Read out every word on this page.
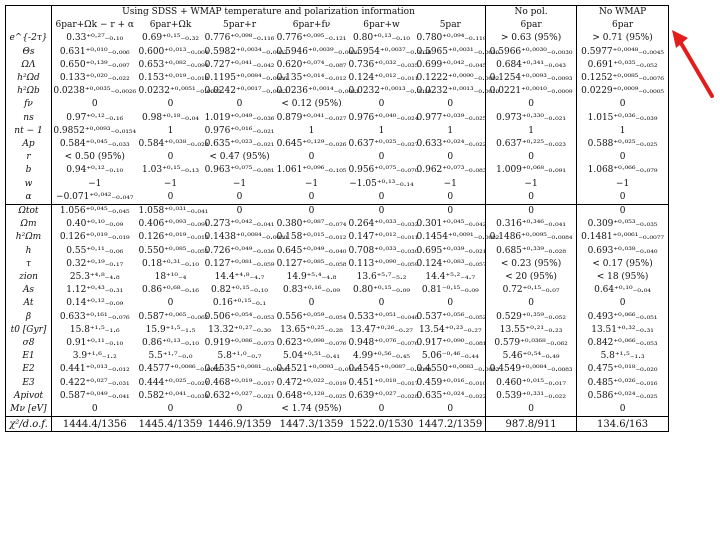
	Using SDSS + WMAP temperature and polarization information						No pol.	No WMAP
	6par+Ωk − r + α	6par+Ωk	5par+r	6par+fν	6par+w	5par	6par	6par
e^{-2τ}	0.33⁺⁰·²⁷₋₀.₁₀	0.69⁺⁰·¹⁵₋₀.₃₂	0.776⁺⁰·⁰⁹⁸₋₀.₁₁₆	0.776⁺⁰·⁰⁹⁵₋₀.₁₂₁	0.80⁺⁰·¹³₋₀.₁₀	0.780⁺⁰·⁰⁹⁴₋₀.₁₁₉	> 0.63 (95%)	> 0.71 (95%)
Θs	0.631⁺⁰·⁰¹⁰₋₀.₀₀₆	0.600⁺⁰·⁰¹³₋₀.₀₀₄	0.5982⁺⁰·⁰⁰³⁴₋₀.₀₀₃₂	0.5946⁺⁰·⁰⁰³⁹₋₀.₀₀₃₀	0.5954⁺⁰·⁰⁰³⁷₋₀.₀₀₃₈	0.5965⁺⁰·⁰⁰³¹₋₀.₀₀₃₀	0.5966⁺⁰·⁰⁰³⁰₋₀.₀₀₃₀	0.5977⁺⁰·⁰⁰⁴⁸₋₀.₀₀₄₅
ΩΛ	0.650⁺⁰·¹³⁹₋₀.₀₉₇	0.653⁺⁰·⁰⁸²₋₀.₀₉₄	0.727⁺⁰·⁰⁴¹₋₀.₀₄₂	0.620⁺⁰·⁰⁷⁴₋₀.₀₈₇	0.736⁺⁰·⁰³²₋₀.₀₃₅	0.699⁺⁰·⁰⁴²₋₀.₀₄₅	0.684⁺⁰·³⁴¹₋₀.₀₄₃	0.691⁺⁰·⁰³⁵₋₀.₀₅₂
h²Ωd	0.133⁺⁰·⁰²⁰₋₀.₀₂₂	0.153⁺⁰·⁰¹⁹₋₀.₀₁₈	0.1195⁺⁰·⁰⁰⁸⁴₋₀.₀₀₈₆	0.135⁺⁰·⁰¹⁴₋₀.₀₁₂	0.124⁺⁰·⁰¹²₋₀.₀₁₁	0.1222⁺⁰·⁰⁰⁹⁰₋₀.₀₀₈₂	0.1254⁺⁰·⁰⁰⁹³₋₀.₀₀₉₃	0.1252⁺⁰·⁰⁰⁸⁵₋₀.₀₀₇₆
h²Ωb	0.0238⁺⁰·⁰⁰³⁵₋₀.₀₀₂₆	0.0232⁺⁰·⁰⁰⁵¹₋₀.₀₀₂₂	0.0242⁺⁰·⁰⁰¹⁷₋₀.₀₀₁₃	0.0236⁺⁰·⁰⁰¹⁴₋₀.₀₀₁₁	0.0232⁺⁰·⁰⁰¹³₋₀.₀₀₁₀	0.0232⁺⁰·⁰⁰¹³₋₀.₀₀₁₀	0.0221⁺⁰·⁰⁰¹⁰₋₀.₀₀₀₉	0.0229⁺⁰·⁰⁰⁰⁹₋₀.₀₀₀₅
fν	0	0	0	< 0.12 (95%)	0	0	0	0
ns	0.97⁺⁰·¹²₋₀.₁₆	0.98⁺⁰·¹⁸₋₀.₀₄	1.019⁺⁰·⁰⁴⁹₋₀.₀₃₆	0.879⁺⁰·⁰⁴¹₋₀.₀₂₇	0.976⁺⁰·⁰⁴⁰₋₀.₀₂₄	0.977⁺⁰·⁰³⁹₋₀.₀₂₅	0.973⁺⁰·³³⁰₋₀.₀₂₁	1.015⁺⁰·⁰³⁶₋₀.₀₃₉
nt − 1	0.9852⁺⁰·⁰⁰⁹³₋₀.₀₁₅₄	1	0.976⁺⁰·⁰¹⁶₋₀.₀₂₁	1	1	1	1	1
Ap	0.584⁺⁰·⁰⁴⁵₋₀.₀₃₃	0.584⁺⁰·⁰³⁸₋₀.₀₂₈	0.635⁺⁰·⁰²³₋₀.₀₂₁	0.645⁺⁰·¹²⁹₋₀.₀₂₆	0.637⁺⁰·⁰²⁵₋₀.₀₂₇	0.633⁺⁰·⁰²⁴₋₀.₀₂₂	0.637⁺⁰·²²⁵₋₀.₀₂₃	0.588⁺⁰·⁰²⁵₋₀.₀₂₅
r	< 0.50 (95%)	0	< 0.47 (95%)	0	0	0	0	0
b	0.94⁺⁰·¹²₋₀.₁₀	1.03⁺⁰·¹⁵₋₀.₁₃	0.963⁺⁰·⁰⁷⁵₋₀.₀₈₁	1.061⁺⁰·⁰⁹⁶₋₀.₁₀₅	0.956⁺⁰·⁰⁷⁵₋₀.₀₇₀	0.962⁺⁰·⁰⁷³₋₀.₀₈₃	1.009⁺⁰·⁰⁶⁸₋₀.₀₉₁	1.068⁺⁰·⁰⁶⁶₋₀.₀₇₉
w	−1	−1	−1	−1	−1.05⁺⁰·¹³₋₀.₁₄	−1	−1	−1
α	−0.071⁺⁰·⁰⁴²₋₀.₀₄₇	0	0	0	0	0	0	0
Ωtot	1.056⁺⁰·⁰⁴⁵₋₀.₀₄₅	1.058⁺⁰·⁰³¹₋₀.₀₄₁	0	0	0	0	0	0
Ωm	0.40⁺⁰·¹⁰₋₀.₀₉	0.406⁺⁰·⁰⁹³₋₀.₀₉₁	0.273⁺⁰·⁰⁴²₋₀.₀₄₁	0.380⁺⁰·⁰⁸⁷₋₀.₀₇₄	0.264⁺⁰·⁰³³₋₀.₀₃₂	0.301⁺⁰·⁰⁴⁵₋₀.₀₄₂	0.316⁺⁰·³⁴⁶₋₀.₀₄₁	0.309⁺⁰·⁰⁵³₋₀.₀₃₅
h²Ωm	0.126⁺⁰·⁰¹⁹₋₀.₀₁₉	0.126⁺⁰·⁰¹⁹₋₀.₀₁₃	0.1438⁺⁰·⁰⁰⁸⁴₋₀.₀₀₈₀	0.158⁺⁰·⁰¹⁵₋₀.₀₁₂	0.147⁺⁰·⁰¹²₋₀.₀₁₁	0.1454⁺⁰·⁰⁰⁹¹₋₀.₀₀₈₂	0.1486⁺⁰·⁰⁰⁹⁵₋₀.₀₀₈₄	0.1481⁺⁰·⁰⁰⁶¹₋₀.₀₀₇₇
h	0.55⁺⁰·¹¹₋₀.₀₆	0.550⁺⁰·⁰⁸⁵₋₀.₀₅₅	0.726⁺⁰·⁰⁴⁹₋₀.₀₃₆	0.645⁺⁰·⁰⁴⁹₋₀.₀₄₀	0.708⁺⁰·⁰³³₋₀.₀₃₀	0.695⁺⁰·⁰³⁹₋₀.₀₂₁	0.685⁺⁰·³³⁹₋₀.₀₂₈	0.693⁺⁰·⁰³⁸₋₀.₀₄₀
τ	0.32⁺⁰·¹⁹₋₀.₁₇	0.18⁺⁰·³¹₋₀.₁₀	0.127⁺⁰·⁰⁸¹₋₀.₀₅₉	0.127⁺⁰·⁰⁸⁵₋₀.₀₅₈	0.113⁺⁰·⁰⁹⁰₋₀.₀₅₉	0.124⁺⁰·⁰⁸³₋₀.₀₅₇	< 0.23 (95%)	< 0.17 (95%)
zion	25.3⁺⁴·⁸₋₄.₈	18⁺¹⁰₋₄	14.4⁺⁴·⁸₋₄.₇	14.9⁺⁵·⁴₋₄.₈	13.6⁺⁵·⁷₋₅.₂	14.4⁺⁵·²₋₄.₇	< 20 (95%)	< 18 (95%)
As	1.12⁺⁰·⁴³₋₀.₃₁	0.86⁺⁰·⁶⁸₋₀.₁₆	0.82⁺⁰·¹⁵₋₀.₁₀	0.83⁺⁰·¹⁶₋₀.₀₉	0.80⁺⁰·¹⁵₋₀.₀₉	0.81⁻⁰·¹⁵₋₀.₀₉	0.72⁺⁰·¹⁵₋₀.₀₇	0.64⁺⁰·¹⁰₋₀.₀₄
At	0.14⁺⁰·¹²₋₀.₀₉	0	0.16⁺⁰·¹⁵₋₀.₁	0	0	0	0	0
β	0.633⁺⁰·¹⁶¹₋₀.₀₇₆	0.587⁺⁰·⁰⁶⁵₋₀.₀₆₂	0.506⁺⁰·⁰⁵⁴₋₀.₀₅₃	0.556⁺⁰·⁰⁵⁹₋₀.₀₅₄	0.533⁺⁰·⁰⁵¹₋₀.₀₄₈	0.537⁺⁰·⁰⁵⁶₋₀.₀₅₂	0.529⁺⁰·³⁵⁹₋₀.₀₅₂	0.493⁺⁰·⁰⁶⁶₋₀.₀₅₁
t0 [Gyr]	15.8⁺¹·⁵₋₁.₆	15.9⁺¹·⁵₋₁.₅	13.32⁺⁰·²⁷₋₀.₃₀	13.65⁺⁰·²⁵₋₀.₂₈	13.47⁺⁰·²⁶₋₀.₂₇	13.54⁺⁰·²³₋₀.₂₇	13.55⁺⁰·²¹₋₀.₂₃	13.51⁺⁰·³²₋₀.₃₁
σ8	0.91⁺⁰·¹¹₋₀.₁₀	0.86⁺⁰·¹³₋₀.₁₀	0.919⁺⁰·⁰⁸⁶₋₀.₀₇₃	0.623⁺⁰·⁰⁹⁸₋₀.₀₇₆	0.948⁺⁰·⁰⁷⁶₋₀.₀₇₆	0.917⁺⁰·⁰⁹⁰₋₀.₀₈₁	0.579⁺⁰·⁰³⁶⁸₋₀.₀₆₂	0.842⁺⁰·⁰⁶⁶₋₀.₀₅₃
E1	3.9⁺¹·⁶₋₁.₂	5.5⁺¹·⁷₋₀.₀	5.8⁺¹·⁰₋₀.₇	5.04⁺⁰·⁵¹₋₀.₄₁	4.99⁺⁰·⁵⁶₋₀.₄₅	5.06⁻⁰·⁴⁶₋₀.₄₄	5.46⁺⁰·⁵⁴₋₀.₄₉	5.8⁺¹·⁵₋₁.₃
E2	0.441⁺⁰·⁰¹³₋₀.₀₁₂	0.4577⁺⁰·⁰⁰⁸⁶₋₀.₀₀₈₂	0.4535⁺⁰·⁰⁰⁸¹₋₀.₀₀₈₄	0.4521⁺⁰·⁰⁰⁹³₋₀.₀₁₀₀	0.4545⁺⁰·⁰⁰⁸⁷₋₀.₀₀₉₀	0.4550⁺⁰·⁰⁰⁸³₋₀.₀₀₈₃	0.4549⁺⁰·⁰⁰⁸⁴₋₀.₀₀₈₃	0.475⁺⁰·⁰¹⁸₋₀.₀₂₀
E3	0.422⁺⁰·⁰²⁷₋₀.₀₃₁	0.444⁺⁰·⁰²⁵₋₀.₀₂₇	0.468⁺⁰·⁰¹⁹₋₀.₀₁₇	0.472⁺⁰·⁰²²₋₀.₀₁₉	0.451⁺⁰·⁰¹⁸₋₀.₀₁₇	0.459⁺⁰·⁰¹⁶₋₀.₀₁₀	0.460⁺⁰·⁰¹⁵₋₀.₀₁₇	0.485⁺⁰·⁰²⁶₋₀.₀₁₆
Apivot	0.587⁺⁰·⁰⁴⁹₋₀.₀₄₁	0.582⁺⁰·⁰⁴¹₋₀.₀₃₉	0.632⁺⁰·⁰²⁷₋₀.₀₂₁	0.648⁺⁰·¹²⁸₋₀.₀₂₅	0.639⁺⁰·⁰²⁷₋₀.₀₂₈	0.635⁺⁰·⁰²⁴₋₀.₀₂₂	0.539⁺⁰·³³¹₋₀.₀₂₂	0.586⁺⁰·⁰²⁴₋₀.₀₂₅
Mν [eV]	0	0	0	< 1.74 (95%)	0	0	0	0
χ²/d.o.f.	1444.4/1356	1445.4/1359	1446.9/1359	1447.3/1359	1522.0/1530	1447.2/1359	987.8/911	134.6/163
